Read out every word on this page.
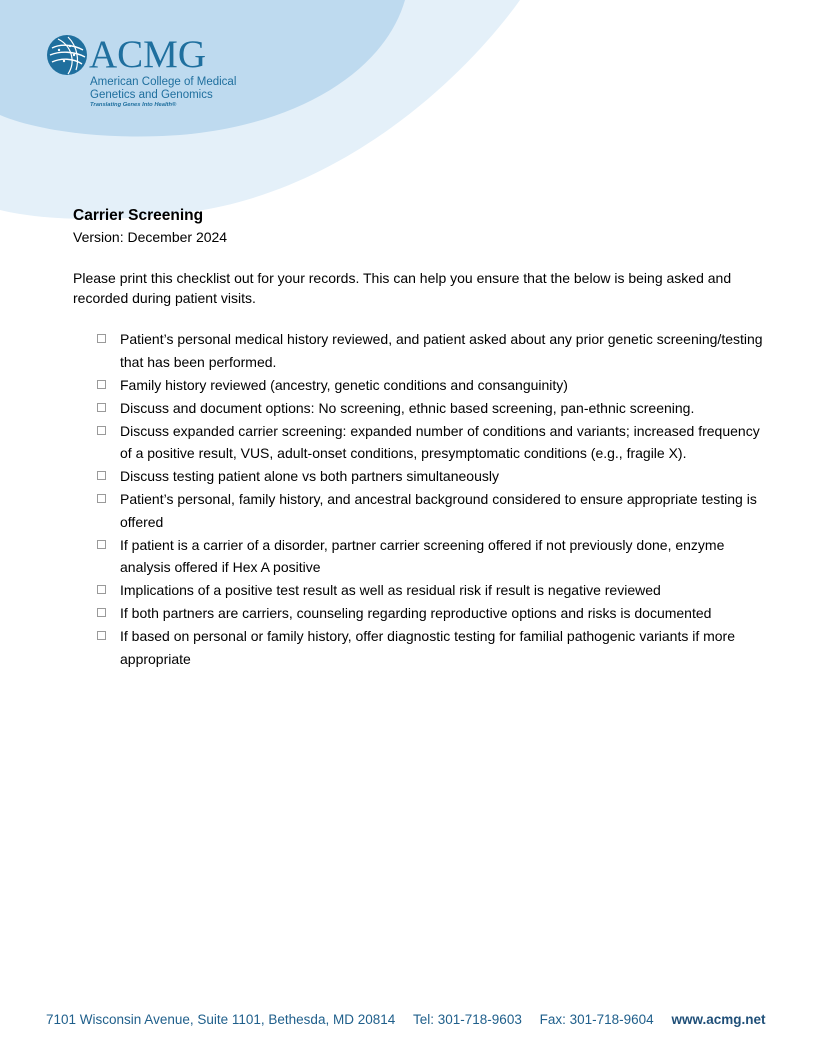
ACMG
American College of Medical
Genetics and Genomics
Translating Genes Into Health®
Carrier Screening
Version: December 2024
Please print this checklist out for your records. This can help you ensure that the below is being asked and recorded during patient visits.
Patient’s personal medical history reviewed, and patient asked about any prior genetic screening/testing that has been performed.
Family history reviewed (ancestry, genetic conditions and consanguinity)
Discuss and document options: No screening, ethnic based screening, pan-ethnic screening.
Discuss expanded carrier screening: expanded number of conditions and variants; increased frequency of a positive result, VUS, adult-onset conditions, presymptomatic conditions (e.g., fragile X).
Discuss testing patient alone vs both partners simultaneously
Patient’s personal, family history, and ancestral background considered to ensure appropriate testing is offered
If patient is a carrier of a disorder, partner carrier screening offered if not previously done, enzyme analysis offered if Hex A positive
Implications of a positive test result as well as residual risk if result is negative reviewed
If both partners are carriers, counseling regarding reproductive options and risks is documented
If based on personal or family history, offer diagnostic testing for familial pathogenic variants if more appropriate
7101 Wisconsin Avenue, Suite 1101, Bethesda, MD 20814 Tel: 301-718-9603 Fax: 301-718-9604 www.acmg.net
